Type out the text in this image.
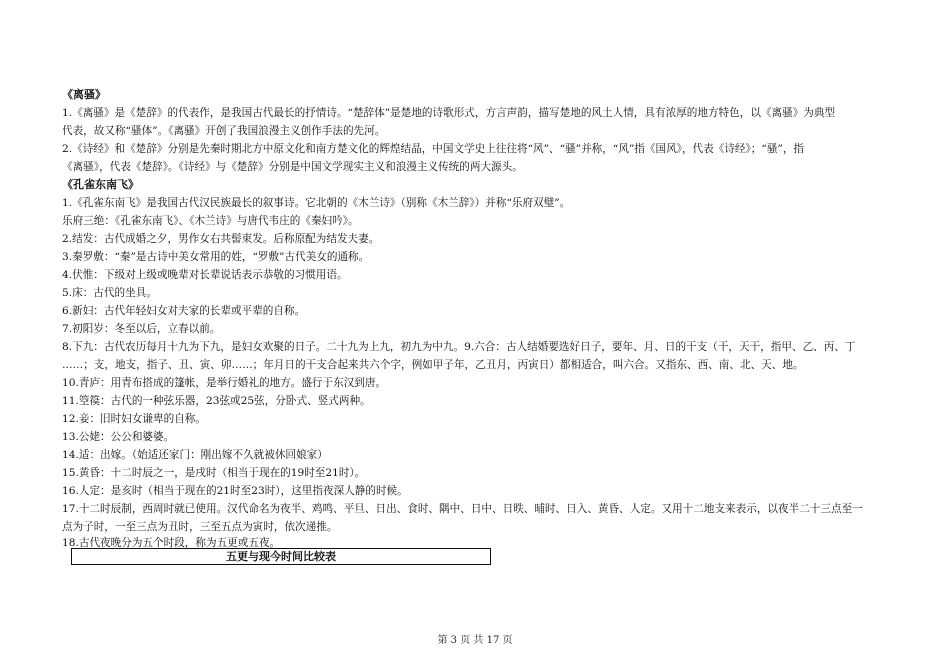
《离骚》
1.《离骚》是《楚辞》的代表作，是我国古代最长的抒情诗。“楚辞体”是楚地的诗歌形式，方言声韵，描写楚地的风土人情，具有浓厚的地方特色，以《离骚》为典型
代表，故又称“骚体”。《离骚》开创了我国浪漫主义创作手法的先河。
2.《诗经》和《楚辞》分别是先秦时期北方中原文化和南方楚文化的辉煌结晶，中国文学史上往往将“风”、“骚”并称，“风”指《国风》，代表《诗经》；“骚”，指
《离骚》，代表《楚辞》。《诗经》与《楚辞》分别是中国文学现实主义和浪漫主义传统的两大源头。
《孔雀东南飞》
1.《孔雀东南飞》是我国古代汉民族最长的叙事诗。它北朝的《木兰诗》（别称《木兰辞》）并称“乐府双璧”。
乐府三绝：《孔雀东南飞》、《木兰诗》与唐代韦庄的《秦妇吟》。
2.结发：古代成婚之夕，男作女右共髻束发。后称原配为结发夫妻。
3.秦罗敷：“秦”是古诗中美女常用的姓，“罗敷”古代美女的通称。
4.伏惟：下级对上级或晚辈对长辈说话表示恭敬的习惯用语。
5.床：古代的坐具。
6.新妇：古代年轻妇女对夫家的长辈或平辈的自称。
7.初阳岁：冬至以后，立春以前。
8.下九：古代农历每月十九为下九，是妇女欢聚的日子。二十九为上九，初九为中九。9.六合：古人结婚要选好日子，要年、月、日的干支（干，天干，指甲、乙、丙、丁
……；支，地支，指子、丑、寅、卯……；年月日的干支合起来共六个字，例如甲子年，乙丑月，丙寅日）都相适合，叫六合。又指东、西、南、北、天、地。
10.青庐：用青布搭成的篷帐，是举行婚礼的地方。盛行于东汉到唐。
11.箜篌：古代的一种弦乐器，23弦或25弦，分卧式、竖式两种。
12.妾：旧时妇女谦卑的自称。
13.公姥：公公和婆婆。
14.适：出嫁。（始适还家门：刚出嫁不久就被休回娘家）
15.黄昏：十二时辰之一，是戌时（相当于现在的19时至21时）。
16.人定：是亥时（相当于现在的21时至23时），这里指夜深人静的时候。
17.十二时辰制，西周时就已使用。汉代命名为夜半、鸡鸣、平旦、日出、食时、隅中、日中、日昳、晡时、日入、黄昏、人定。又用十二地支来表示，以夜半二十三点至一
点为子时，一至三点为丑时，三至五点为寅时，依次递推。
18.古代夜晚分为五个时段，称为五更或五夜。
五更与现今时间比较表
第 3 页 共 17 页
